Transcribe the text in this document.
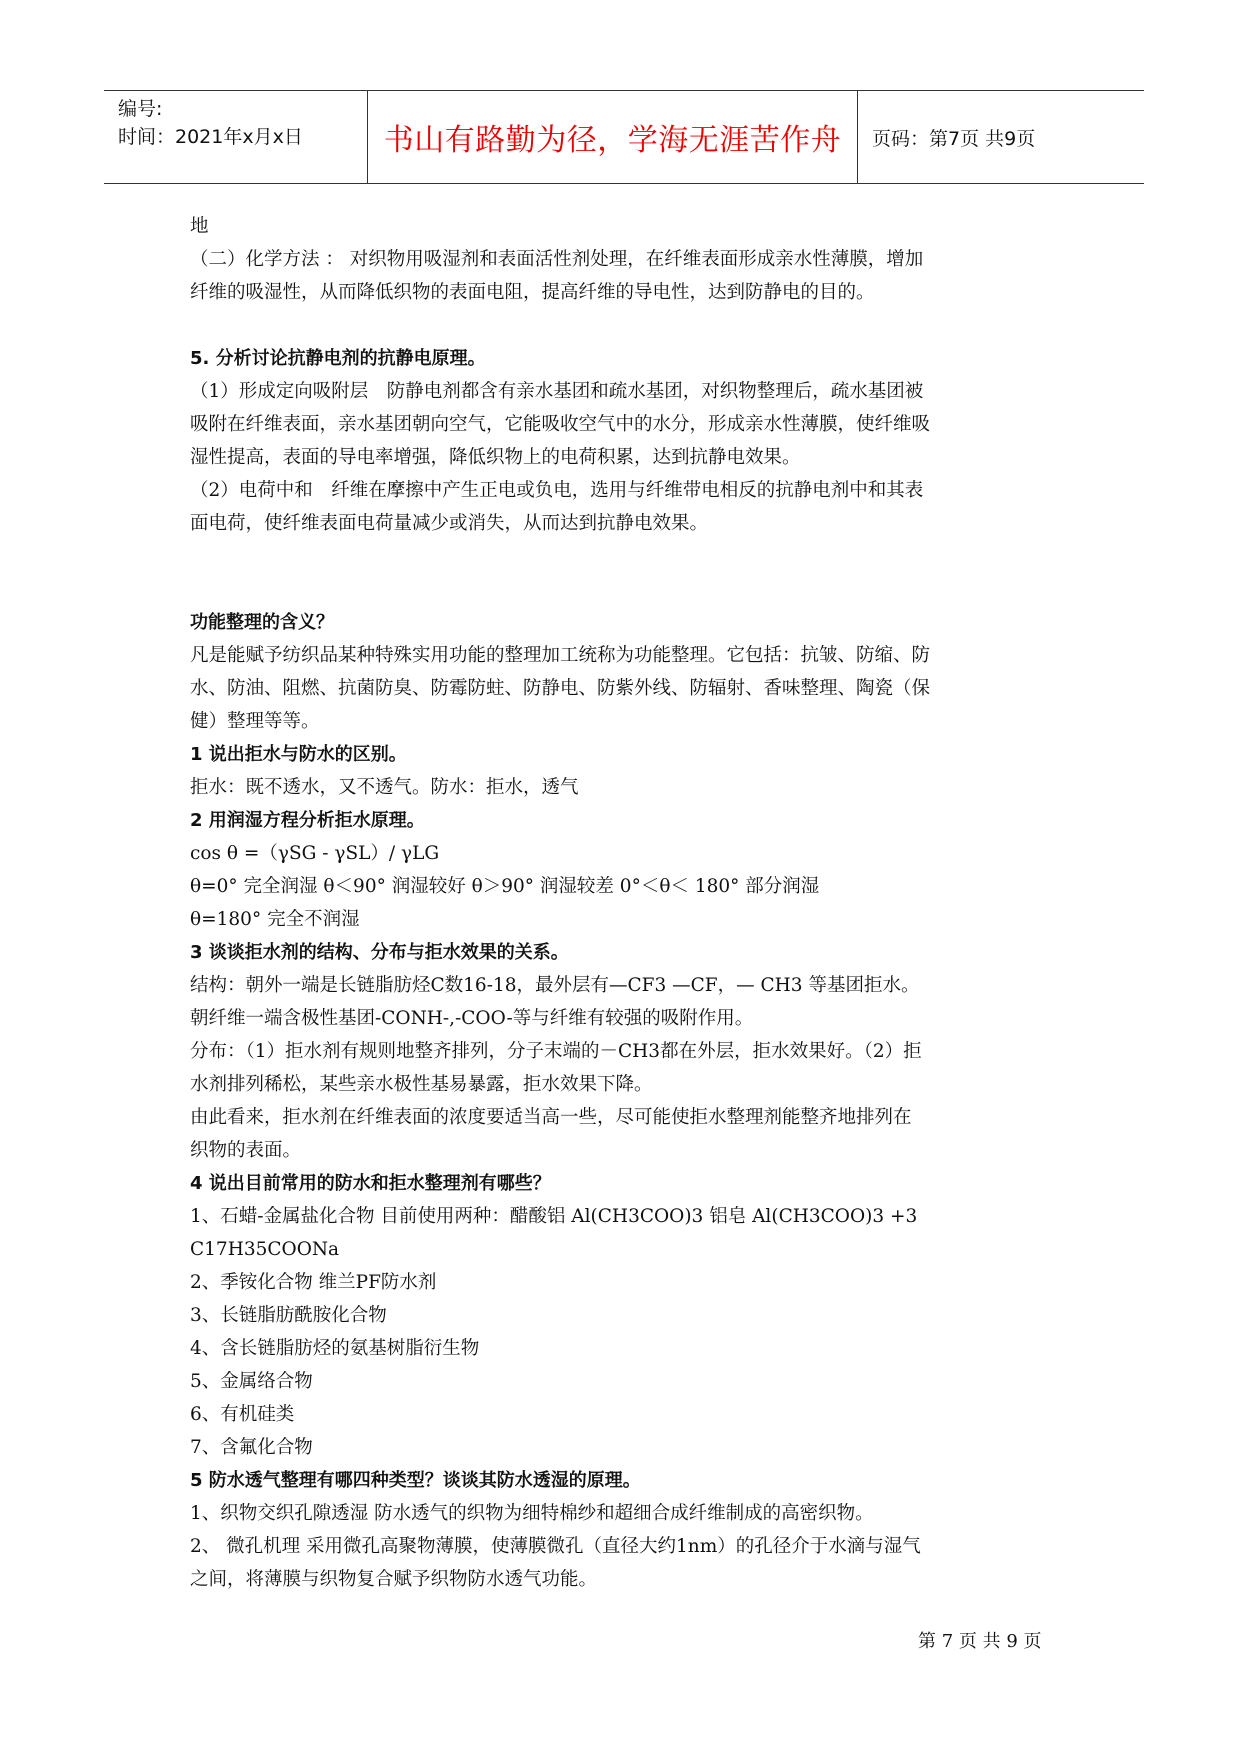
编号:
时间：2021年x月x日	书山有路勤为径，学海无涯苦作舟	页码：第7页 共9页

地

（二）化学方法 ： 对织物用吸湿剂和表面活性剂处理，在纤维表面形成亲水性薄膜，增加

纤维的吸湿性，从而降低织物的表面电阻，提高纤维的导电性，达到防静电的目的。

5. 分析讨论抗静电剂的抗静电原理。

（1）形成定向吸附层　防静电剂都含有亲水基团和疏水基团，对织物整理后，疏水基团被

吸附在纤维表面，亲水基团朝向空气，它能吸收空气中的水分，形成亲水性薄膜，使纤维吸

湿性提高，表面的导电率增强，降低织物上的电荷积累，达到抗静电效果。

（2）电荷中和　纤维在摩擦中产生正电或负电，选用与纤维带电相反的抗静电剂中和其表

面电荷，使纤维表面电荷量减少或消失，从而达到抗静电效果。

功能整理的含义？

凡是能赋予纺织品某种特殊实用功能的整理加工统称为功能整理。它包括：抗皱、防缩、防

水、防油、阻燃、抗菌防臭、防霉防蛀、防静电、防紫外线、防辐射、香味整理、陶瓷（保

健）整理等等。

1 说出拒水与防水的区别。

拒水：既不透水，又不透气。防水：拒水，透气

2 用润湿方程分析拒水原理。

cos θ =（γSG - γSL）/ γLG

θ=0° 完全润湿 θ＜90° 润湿较好 θ＞90° 润湿较差 0°＜θ＜ 180° 部分润湿

θ=180° 完全不润湿

3 谈谈拒水剂的结构、分布与拒水效果的关系。

结构：朝外一端是长链脂肪烃C数16-18，最外层有—CF3 —CF，— CH3 等基团拒水。

朝纤维一端含极性基团-CONH-,-COO-等与纤维有较强的吸附作用。

分布：（1）拒水剂有规则地整齐排列，分子末端的－CH3都在外层，拒水效果好。（2）拒

水剂排列稀松，某些亲水极性基易暴露，拒水效果下降。

由此看来，拒水剂在纤维表面的浓度要适当高一些，尽可能使拒水整理剂能整齐地排列在

织物的表面。

4 说出目前常用的防水和拒水整理剂有哪些？

1、石蜡-金属盐化合物 目前使用两种：醋酸铝 Al(CH3COO)3 铝皂 Al(CH3COO)3 +3

C17H35COONa

2、季铵化合物 维兰PF防水剂

3、长链脂肪酰胺化合物

4、含长链脂肪烃的氨基树脂衍生物

5、金属络合物

6、有机硅类

7、含氟化合物

5 防水透气整理有哪四种类型？谈谈其防水透湿的原理。

1、织物交织孔隙透湿 防水透气的织物为细特棉纱和超细合成纤维制成的高密织物。

2、 微孔机理 采用微孔高聚物薄膜，使薄膜微孔（直径大约1nm）的孔径介于水滴与湿气

之间，将薄膜与织物复合赋予织物防水透气功能。

第 7 页 共 9 页
